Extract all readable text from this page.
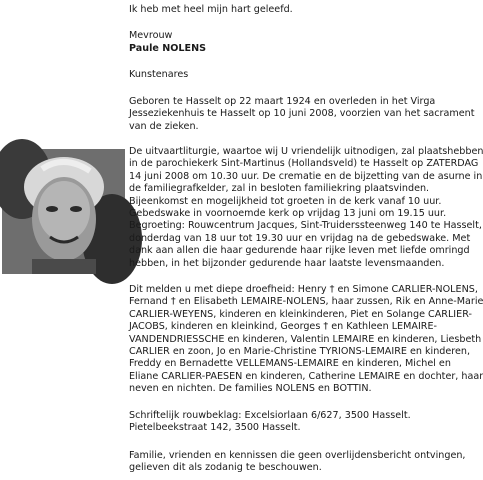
Ik heb met heel mijn hart geleefd.
Mevrouw
Paule NOLENS
Kunstenares
Geboren te Hasselt op 22 maart 1924 en overleden in het Virga
Jesseziekenhuis te Hasselt op 10 juni 2008, voorzien van het sacrament
van de zieken.
De uitvaartliturgie, waartoe wij U vriendelijk uitnodigen, zal plaatshebben
in de parochiekerk Sint-Martinus (Hollandsveld) te Hasselt op ZATERDAG
14 juni 2008 om 10.30 uur. De crematie en de bijzetting van de asurne in
de familiegrafkelder, zal in besloten familiekring plaatsvinden.
Bijeenkomst en mogelijkheid tot groeten in de kerk vanaf 10 uur.
Gebedswake in voornoemde kerk op vrijdag 13 juni om 19.15 uur.
Begroeting: Rouwcentrum Jacques, Sint-Truiderssteenweg 140 te Hasselt,
donderdag van 18 uur tot 19.30 uur en vrijdag na de gebedswake. Met
dank aan allen die haar gedurende haar rijke leven met liefde omringd
hebben, in het bijzonder gedurende haar laatste levensmaanden.
Dit melden u met diepe droefheid: Henry † en Simone CARLIER-NOLENS,
Fernand † en Elisabeth LEMAIRE-NOLENS, haar zussen, Rik en Anne-Marie
CARLIER-WEYENS, kinderen en kleinkinderen, Piet en Solange CARLIER-
JACOBS, kinderen en kleinkind, Georges † en Kathleen LEMAIRE-
VANDENDRIESSCHE en kinderen, Valentin LEMAIRE en kinderen, Liesbeth
CARLIER en zoon, Jo en Marie-Christine TYRIONS-LEMAIRE en kinderen,
Freddy en Bernadette VELLEMANS-LEMAIRE en kinderen, Michel en
Eliane CARLIER-PAESEN en kinderen, Catherine LEMAIRE en dochter, haar
neven en nichten. De families NOLENS en BOTTIN.
Schriftelijk rouwbeklag: Excelsiorlaan 6/627, 3500 Hasselt.
Pietelbeekstraat 142, 3500 Hasselt.
Familie, vrienden en kennissen die geen overlijdensbericht ontvingen,
gelieven dit als zodanig te beschouwen.
